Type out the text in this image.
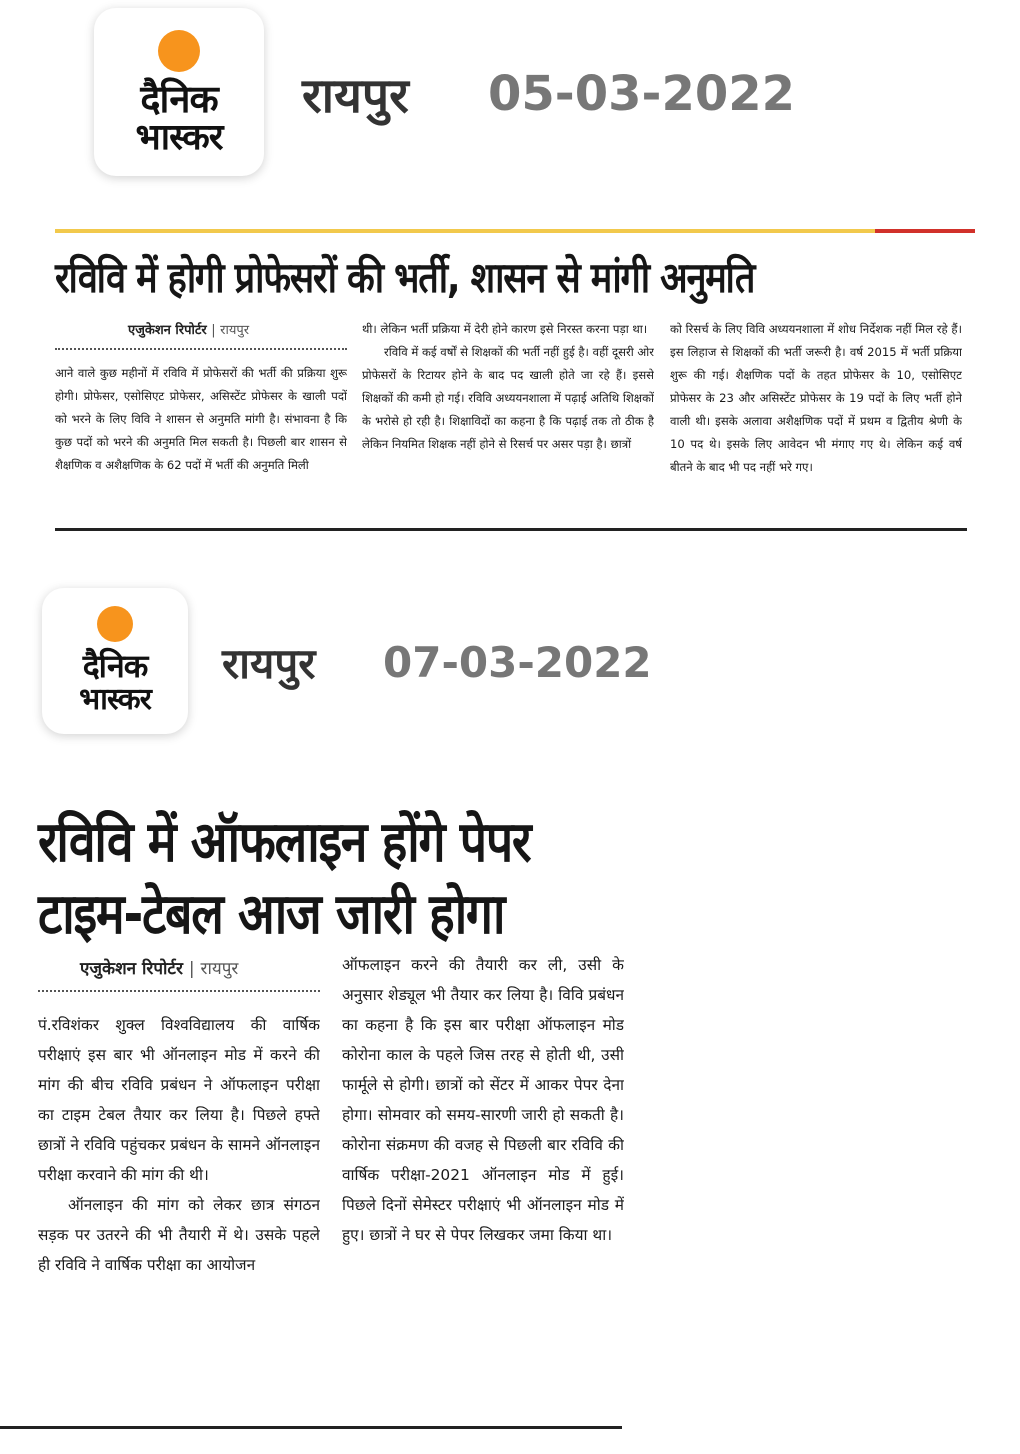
दैनिक
भास्कर
रायपुर 05-03-2022
रविवि में होगी प्रोफेसरों की भर्ती, शासन से मांगी अनुमति
एजुकेशन रिपोर्टर | रायपुर

आने वाले कुछ महीनों में रविवि में प्रोफेसरों की भर्ती की प्रक्रिया शुरू होगी। प्रोफेसर, एसोसिएट प्रोफेसर, असिस्टेंट प्रोफेसर के खाली पदों को भरने के लिए विवि ने शासन से अनुमति मांगी है। संभावना है कि कुछ पदों को भरने की अनुमति मिल सकती है। पिछली बार शासन से शैक्षणिक व अशैक्षणिक के 62 पदों में भर्ती की अनुमति मिली

थी। लेकिन भर्ती प्रक्रिया में देरी होने कारण इसे निरस्त करना पड़ा था।

रविवि में कई वर्षों से शिक्षकों की भर्ती नहीं हुई है। वहीं दूसरी ओर प्रोफेसरों के रिटायर होने के बाद पद खाली होते जा रहे हैं। इससे शिक्षकों की कमी हो गई। रविवि अध्ययनशाला में पढ़ाई अतिथि शिक्षकों के भरोसे हो रही है। शिक्षाविदों का कहना है कि पढ़ाई तक तो ठीक है लेकिन नियमित शिक्षक नहीं होने से रिसर्च पर असर पड़ा है। छात्रों

को रिसर्च के लिए विवि अध्ययनशाला में शोध निर्देशक नहीं मिल रहे हैं। इस लिहाज से शिक्षकों की भर्ती जरूरी है। वर्ष 2015 में भर्ती प्रक्रिया शुरू की गई। शैक्षणिक पदों के तहत प्रोफेसर के 10, एसोसिएट प्रोफेसर के 23 और असिस्टेंट प्रोफेसर के 19 पदों के लिए भर्ती होने वाली थी। इसके अलावा अशैक्षणिक पदों में प्रथम व द्वितीय श्रेणी के 10 पद थे। इसके लिए आवेदन भी मंगाए गए थे। लेकिन कई वर्ष बीतने के बाद भी पद नहीं भरे गए।

दैनिक
भास्कर
रायपुर 07-03-2022
रविवि में ऑफलाइन होंगे पेपर
टाइम-टेबल आज जारी होगा
एजुकेशन रिपोर्टर | रायपुर

पं.रविशंकर शुक्ल विश्वविद्यालय की वार्षिक परीक्षाएं इस बार भी ऑनलाइन मोड में करने की मांग की बीच रविवि प्रबंधन ने ऑफलाइन परीक्षा का टाइम टेबल तैयार कर लिया है। पिछले हफ्ते छात्रों ने रविवि पहुंचकर प्रबंधन के सामने ऑनलाइन परीक्षा करवाने की मांग की थी।

ऑनलाइन की मांग को लेकर छात्र संगठन सड़क पर उतरने की भी तैयारी में थे। उसके पहले ही रविवि ने वार्षिक परीक्षा का आयोजन

ऑफलाइन करने की तैयारी कर ली, उसी के अनुसार शेड्यूल भी तैयार कर लिया है। विवि प्रबंधन का कहना है कि इस बार परीक्षा ऑफलाइन मोड कोरोना काल के पहले जिस तरह से होती थी, उसी फार्मूले से होगी। छात्रों को सेंटर में आकर पेपर देना होगा। सोमवार को समय-सारणी जारी हो सकती है। कोरोना संक्रमण की वजह से पिछली बार रविवि की वार्षिक परीक्षा-2021 ऑनलाइन मोड में हुई। पिछले दिनों सेमेस्टर परीक्षाएं भी ऑनलाइन मोड में हुए। छात्रों ने घर से पेपर लिखकर जमा किया था।
